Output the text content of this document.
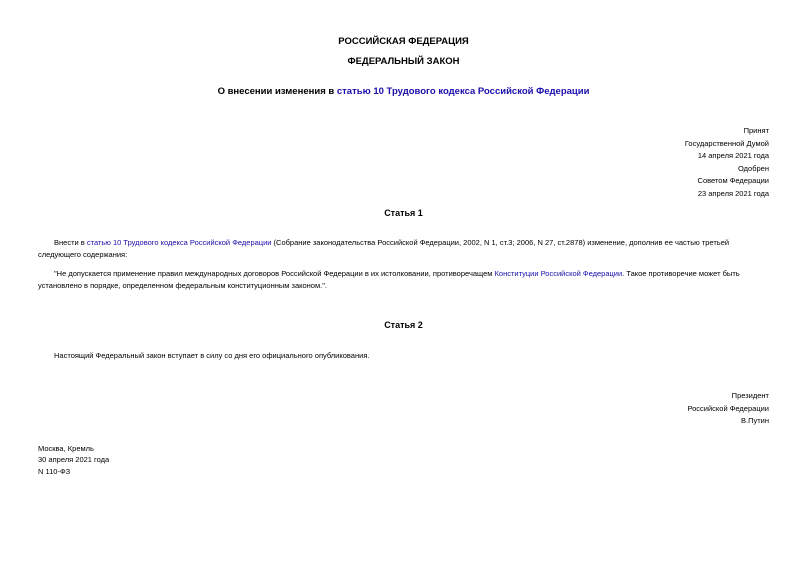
РОССИЙСКАЯ ФЕДЕРАЦИЯ
ФЕДЕРАЛЬНЫЙ ЗАКОН
О внесении изменения в статью 10 Трудового кодекса Российской Федерации
Принят
Государственной Думой
14 апреля 2021 года
Одобрен
Советом Федерации
23 апреля 2021 года
Статья 1
Внести в статью 10 Трудового кодекса Российской Федерации (Собрание законодательства Российской Федерации, 2002, N 1, ст.3; 2006, N 27, ст.2878) изменение, дополнив ее частью третьей следующего содержания:
"Не допускается применение правил международных договоров Российской Федерации в их истолковании, противоречащем Конституции Российской Федерации. Такое противоречие может быть установлено в порядке, определенном федеральным конституционным законом.".
Статья 2
Настоящий Федеральный закон вступает в силу со дня его официального опубликования.
Президент
Российской Федерации
В.Путин
Москва, Кремль
30 апреля 2021 года
N 110-ФЗ
